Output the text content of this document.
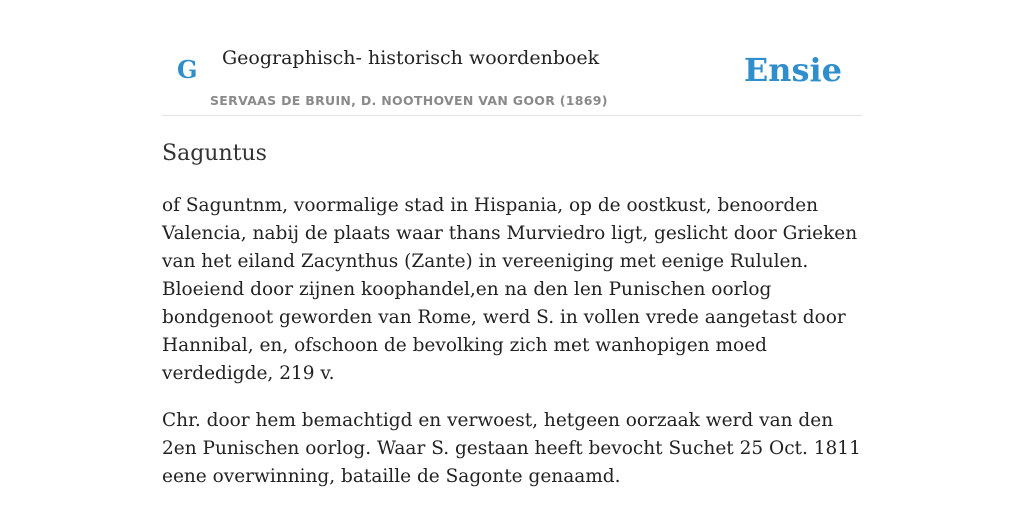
G Geographisch- historisch woordenboek
SERVAAS DE BRUIN, D. NOOTHOVEN VAN GOOR (1869)
Ensie
Saguntus

of Saguntnm, voormalige stad in Hispania, op de oostkust, benoorden Valencia, nabij de plaats waar thans Murviedro ligt, geslicht door Grieken van het eiland Zacynthus (Zante) in vereeniging met eenige Rululen. Bloeiend door zijnen koophandel,en na den len Punischen oorlog bondgenoot geworden van Rome, werd S. in vollen vrede aangetast door Hannibal, en, ofschoon de bevolking zich met wanhopigen moed verdedigde, 219 v.

Chr. door hem bemachtigd en verwoest, hetgeen oorzaak werd van den 2en Punischen oorlog. Waar S. gestaan heeft bevocht Suchet 25 Oct. 1811 eene overwinning, bataille de Sagonte genaamd.
